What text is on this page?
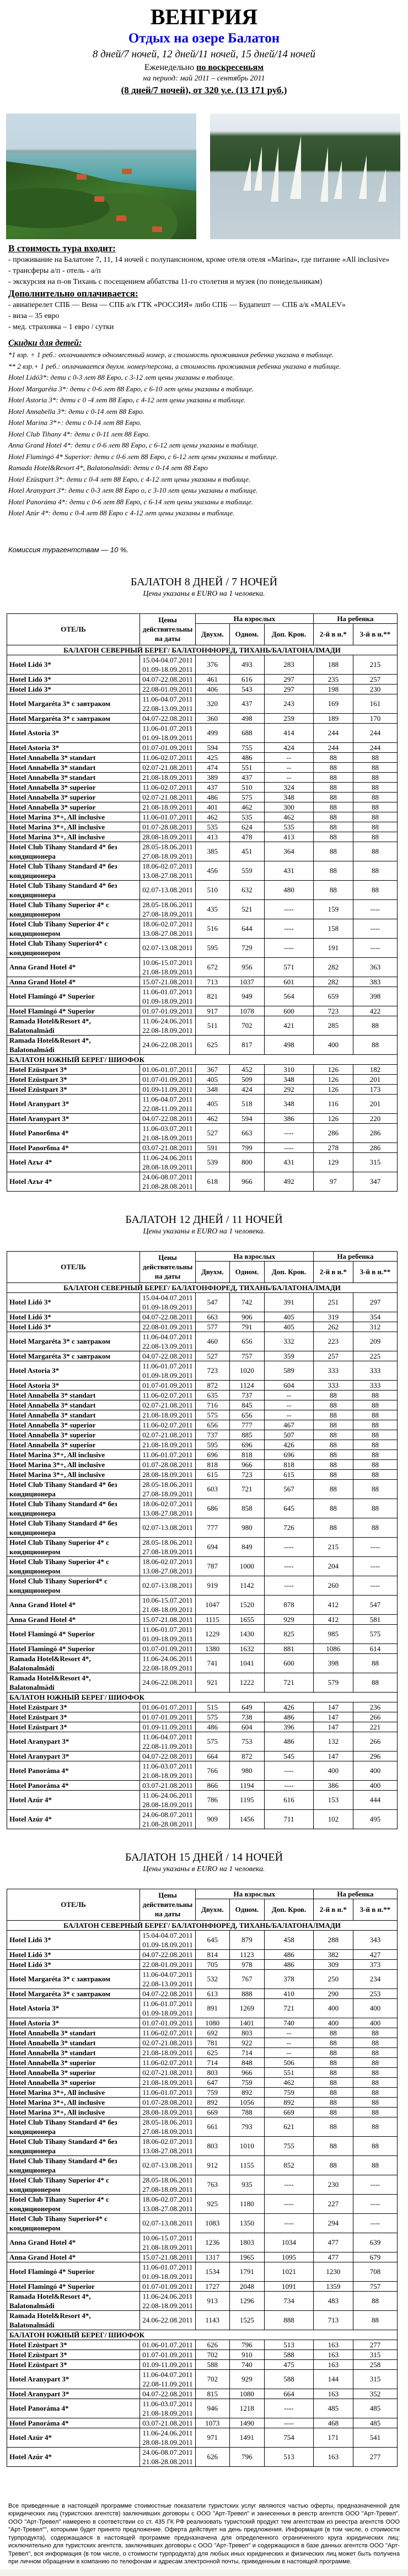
ВЕНГРИЯ
Отдых на озере Балатон
8 дней/7 ночей, 12 дней/11 ночей, 15 дней/14 ночей
Еженедельно по воскресеньям
на период: май 2011 – сентябрь 2011
(8 дней/7 ночей), от 320 у.е. (13 171 руб.)
В стоимость тура входит:
- проживание на Балатоне 7, 11, 14 ночей с полупансионом, кроме отеля отеля «Marina», где питание «All inclusive»
- трансферы а/п - отель - а/п
- экскурсия на п-ов Тихань с посещением аббатства 11-го столетия и музея (по понедельникам)
Дополнительно оплачивается:
- авиаперелет СПБ — Вена — СПБ а/к ГТК «РОССИЯ» либо СПБ — Будапешт — СПБ а/к «MALEV»
- виза – 35 евро
- мед. страховка – 1 евро / сутки
Скидки для детей:
*1 взр. + 1 реб.: оплачивается одноместный номер, а стоимость проживания ребенка указана в таблице.
** 2 взр.+ 1 реб.: оплачивается двухм. номер/персона, а стоимость проживания ребенка указана в таблице.
Hotel Lidó3*: дети с 0-3 лет 88 Евро, с 3-12 лет цены указаны в таблице.
Hotel Margaréta 3*: дети с 0-6 лет 88 Евро, с 6-10 лет цены указаны в таблице.
Hotel Astoria 3*: дети с 0 -4 лет 88 Евро, с 4-12 лет цены указаны в таблице.
Hotel Annabella 3*: дети с 0-14 лет 88 Евро.
Hotel Marina 3*+: дети с 0-14 лет 88 Евро.
Hotel Club Tihany 4*: дети с 0-11 лет 88 Евро.
Anna Grand Hotel 4*: дети с 0-6 лет 88 Евро, с 6-12 лет цены указаны в таблице.
Hotel Flamingó 4* Superior: дети с 0-6 лет 88 Евро, с 6-12 лет цены указаны в таблице.
Ramada Hotel&Resort 4*, Balatonalmádi: дети с 0-14 лет 88 Евро
Hotel Ezüstpart 3*: дети с 0-4 лет 88 Евро, с 4-12 лет цены указаны в таблице.
Hotel Aranypart 3*: дети с 0-3 лет 88 Евро о, с 3-10 лет цены указаны в таблице.
Hotel Panoráma 4*: дети с 0-6 лет 88 Евро, с 6-14 лет цены указаны в таблице.
Hotel Azúr 4*: дети с 0-4 лет 88 Евро с 4-12 лет цены указаны в таблице.
Комиссия турагентствам — 10 %.
БАЛАТОН 8 ДНЕЙ / 7 НОЧЕЙ
Цены указаны в EURO на 1 человека.
ОТЕЛЬ	Цены действительны на даты	На взрослых			На ребенка	
		Двухм.	Одном.	Доп. Кров.	2-й в н.*	3-й в н.**
БАЛАТОН СЕВЕРНЫЙ БЕРЕГ/ БАЛАТОНФЮРЕД, ТИХАНЬ/БАЛАТОНАЛМАДИ						
Hotel Lidó 3*	15.04-04.07.2011
01.09-18.09.2011	376	493	283	188	215
Hotel Lidó 3*	04.07-22.08.2011	461	616	297	235	257
Hotel Lidó 3*	22.08-01.09.2011	406	543	297	198	230
Hotel Margaréta 3* с завтраком	11.06-04.07.2011
22.08-13.09.2011	320	437	243	169	161
Hotel Margaréta 3* с завтраком	04.07-22.08.2011	360	498	259	189	170
Hotel Astoria 3*	11.06-01.07.2011
01.09-18.09.2011	499	688	414	244	244
Hotel Astoria 3*	01.07-01.09.2011	594	755	424	244	244
Hotel Annabella 3* standart	11.06-02.07.2011	425	486	--	88	88
Hotel Annabella 3* standart	02.07-21.08.2011	474	551	--	88	88
Hotel Annabella 3* standart	21.08-18.09.2011	389	437	--	88	88
Hotel Annabella 3* superior	11.06-02.07.2011	437	510	324	88	88
Hotel Annabella 3* superior	02.07-21.08.2011	486	575	348	88	88
Hotel Annabella 3* superior	21.08-18.09.2011	401	462	300	88	88
Hotel Marina 3*+, All inclusive	11.06-01.07.2011	462	535	462	88	88
Hotel Marina 3*+, All inclusive	01.07-28.08.2011	535	624	535	88	88
Hotel Marina 3*+, All inclusive	28.08-18.09.2011	413	478	413	88	88
Hotel Club Tihany Standard 4* без кондиционера	28.05-18.06.2011
27.08-18.09.2011	385	451	364	88	88
Hotel Club Tihany Standard 4* без кондиционера	18.06-02.07.2011
13.08-27.08.2011	456	559	431	88	88
Hotel Club Tihany Standard 4* без кондиционера	02.07-13.08.2011	510	632	480	88	88
Hotel Club Tihany Superior 4* с кондиционером	28.05-18.06.2011
27.08-18.09.2011	435	521	----	159	----
Hotel Club Tihany Superior 4* с кондиционером	18.06-02.07.2011
13.08-27.08.2011	516	644	----	158	----
Hotel Club Tihany Superior4* с кондиционером	02.07-13.08.2011	595	729	----	191	----
Anna Grand Hotel 4*	10.06-15.07.2011
21.08-18.09.2011	672	956	571	282	363
Anna Grand Hotel 4*	15.07-21.08.2011	713	1037	601	282	383
Hotel Flamingó 4* Superior	11.06-01.07.2011
01.09-18.09.2011	821	949	564	659	398
Hotel Flamingó 4* Superior	01.07-01.09.2011	917	1078	600	723	422
Ramada Hotel&Resort 4*, Balatonalmádi	11.06-24.06.2011
22.08-18.09.2011	511	702	421	285	88
Ramada Hotel&Resort 4*, Balatonalmádi	24.06-22.08.2011	625	817	498	400	88
БАЛАТОН ЮЖНЫЙ БЕРЕГ/ ШИОФОК						
Hotel Ezüstpart 3*	01.06-01.07.2011	367	452	310	126	182
Hotel Ezüstpart 3*	01.07-01.09.2011	405	509	348	126	201
Hotel Ezüstpart 3*	01.09-11.09.2011	348	424	292	126	173
Hotel Aranypart 3*	11.06-04.07.2011
22.08-11.09.2011	405	518	348	116	201
Hotel Aranypart 3*	04.07-22.08.2011	462	594	386	126	220
Hotel Panorбma 4*	11.06-03.07.2011
21.08-18.09.2011	527	663	----	286	286
Hotel Panorбma 4*	03.07-21.08.2011	591	799	----	278	286
Hotel Azъr 4*	11.06-24.06.2011
28.08-18.09.2011	539	800	431	129	315
Hotel Azъr 4*	24.06-08.07.2011
21.08-28.08.2011	618	966	492	97	347
БАЛАТОН 12 ДНЕЙ / 11 НОЧЕЙ
Цены указаны в EURO на 1 человека.
ОТЕЛЬ	Цены действительны на даты	На взрослых			На ребенка	
		Двухм.	Одном.	Доп. Кров.	2-й в н.*	3-й в н.**
БАЛАТОН СЕВЕРНЫЙ БЕРЕГ/ БАЛАТОНФЮРЕД, ТИХАНЬ/БАЛАТОНАЛМАДИ						
Hotel Lidó 3*	15.04-04.07.2011
01.09-18.09.2011	547	742	391	251	297
Hotel Lidó 3*	04.07-22.08.2011	663	906	405	319	354
Hotel Lidó 3*	22.08-01.09.2011	577	791	405	262	312
Hotel Margaréta 3* с завтраком	11.06-04.07.2011
22.08-13.09.2011	460	656	332	223	209
Hotel Margaréta 3* с завтраком	04.07-22.08.2011	527	757	359	257	225
Hotel Astoria 3*	11.06-01.07.2011
01.09-18.09.2011	723	1020	589	333	333
Hotel Astoria 3*	01.07-01.09.2011	872	1124	604	333	333
Hotel Annabella 3* standart	11.06-02.07.2011	635	737	--	88	88
Hotel Annabella 3* standart	02.07-21.08.2011	716	845	--	88	88
Hotel Annabella 3* standart	21.08-18.09.2011	575	656	--	88	88
Hotel Annabella 3* superior	11.06-02.07.2011	656	777	467	88	88
Hotel Annabella 3* superior	02.07-21.08.2011	737	885	507	88	88
Hotel Annabella 3* superior	21.08-18.09.2011	595	696	426	88	88
Hotel Marina 3*+, All inclusive	11.06-01.07.2011	696	818	696	88	88
Hotel Marina 3*+, All inclusive	01.07-28.08.2011	818	966	818	88	88
Hotel Marina 3*+, All inclusive	28.08-18.09.2011	615	723	615	88	88
Hotel Club Tihany Standard 4* без кондиционера	28.05-18.06.2011
27.08-18.09.2011	603	721	567	88	88
Hotel Club Tihany Standard 4* без кондиционера	18.06-02.07.2011
13.08-27.08.2011	686	858	645	88	88
Hotel Club Tihany Standard 4* без кондиционера	02.07-13.08.2011	777	980	726	88	88
Hotel Club Tihany Superior 4* с кондиционером	28.05-18.06.2011
27.08-18.09.2011	694	849	----	215	----
Hotel Club Tihany Superior 4* с кондиционером	18.06-02.07.2011
13.08-27.08.2011	787	1000	----	204	----
Hotel Club Tihany Superior4* с кондиционером	02.07-13.08.2011	919	1142	----	260	----
Anna Grand Hotel 4*	10.06-15.07.2011
21.08-18.09.2011	1047	1520	878	412	547
Anna Grand Hotel 4*	15.07-21.08.2011	1115	1655	929	412	581
Hotel Flamingó 4* Superior	11.06-01.07.2011
01.09-18.09.2011	1229	1430	825	985	575
Hotel Flamingó 4* Superior	01.07-01.09.2011	1380	1632	881	1086	614
Ramada Hotel&Resort 4*, Balatonalmádi	11.06-24.06.2011
22.08-18.09.2011	741	1041	600	398	88
Ramada Hotel&Resort 4*, Balatonalmádi	24.06-22.08.2011	921	1222	721	579	88
БАЛАТОН ЮЖНЫЙ БЕРЕГ/ ШИОФОК						
Hotel Ezüstpart 3*	01.06-01.07.2011	515	649	426	147	236
Hotel Ezüstpart 3*	01.07-01.09.2011	575	738	486	147	266
Hotel Ezüstpart 3*	01.09-11.09.2011	486	604	396	147	221
Hotel Aranypart 3*	11.06-04.07.2011
22.08-11.09.2011	575	753	486	132	266
Hotel Aranypart 3*	04.07-22.08.2011	664	872	545	147	296
Hotel Panoráma 4*	11.06-03.07.2011
21.08-18.09.2011	766	980	----	400	400
Hotel Panoráma 4*	03.07-21.08.2011	866	1194	----	386	400
Hotel Azúr 4*	11.06-24.06.2011
28.08-18.09.2011	786	1195	616	153	444
Hotel Azúr 4*	24.06-08.07.2011
21.08-28.08.2011	909	1456	711	102	495
БАЛАТОН 15 ДНЕЙ / 14 НОЧЕЙ
Цены указаны в EURO на 1 человека.
ОТЕЛЬ	Цены действительны на даты	На взрослых			На ребенка	
		Двухм.	Одном.	Доп. Кров.	2-й в н.*	3-й в н.**
БАЛАТОН СЕВЕРНЫЙ БЕРЕГ/ БАЛАТОНФЮРЕД, ТИХАНЬ/БАЛАТОНАЛМАДИ						
Hotel Lidó 3*	15.04-04.07.2011
01.09-18.09.2011	645	879	458	288	343
Hotel Lidó 3*	04.07-22.08.2011	814	1123	486	382	427
Hotel Lidó 3*	22.08-01.09.2011	705	978	486	309	373
Hotel Margaréta 3* с завтраком	11.06-04.07.2011
22.08-13.09.2011	532	767	378	250	234
Hotel Margaréta 3* с завтраком	04.07-22.08.2011	613	888	410	290	253
Hotel Astoria 3*	11.06-01.07.2011
01.09-18.09.2011	891	1269	721	400	400
Hotel Astoria 3*	01.07-01.09.2011	1080	1401	740	400	400
Hotel Annabella 3* standart	11.06-02.07.2011	692	803	--	88	88
Hotel Annabella 3* standart	02.07-21.08.2011	781	922	--	88	88
Hotel Annabella 3* standart	21.08-18.09.2011	625	714	--	88	88
Hotel Annabella 3* superior	11.06-02.07.2011	714	848	506	88	88
Hotel Annabella 3* superior	02.07-21.08.2011	803	966	551	88	88
Hotel Annabella 3* superior	21.08-18.09.2011	647	759	462	88	88
Hotel Marina 3*+, All inclusive	11.06-01.07.2011	759	892	759	88	88
Hotel Marina 3*+, All inclusive	01.07-28.08.2011	892	1056	892	88	88
Hotel Marina 3*+, All inclusive	28.08-18.09.2011	669	788	669	88	88
Hotel Club Tihany Standard 4* без кондиционера	28.05-18.06.2011
27.08-18.09.2011	661	793	621	88	88
Hotel Club Tihany Standard 4* без кондиционера	18.06-02.07.2011
13.08-27.08.2011	803	1010	755	88	88
Hotel Club Tihany Standard 4* без кондиционера	02.07-13.08.2011	912	1155	852	88	88
Hotel Club Tihany Superior 4* с кондиционером	28.05-18.06.2011
27.08-18.09.2011	763	935	----	230	----
Hotel Club Tihany Superior 4* с кондиционером	18.06-02.07.2011
13.08-27.08.2011	925	1180	----	227	----
Hotel Club Tihany Superior4* с кондиционером	02.07-13.08.2011	1083	1350	----	294	----
Anna Grand Hotel 4*	10.06-15.07.2011
21.08-18.09.2011	1236	1803	1034	477	639
Anna Grand Hotel 4*	15.07-21.08.2011	1317	1965	1095	477	679
Hotel Flamingó 4* Superior	11.06-01.07.2011
01.09-18.09.2011	1534	1791	1021	1230	708
Hotel Flamingó 4* Superior	01.07-01.09.2011	1727	2048	1091	1359	757
Ramada Hotel&Resort 4*, Balatonalmádi	11.06-24.06.2011
22.08-18.09.2011	913	1296	734	483	88
Ramada Hotel&Resort 4*, Balatonalmádi	24.06-22.08.2011	1143	1525	888	713	88
БАЛАТОН ЮЖНЫЙ БЕРЕГ/ ШИОФОК						
Hotel Ezüstpart 3*	01.06-01.07.2011	626	796	513	163	277
Hotel Ezüstpart 3*	01.07-01.09.2011	702	910	588	163	315
Hotel Ezüstpart 3*	01.09-11.09.2011	588	740	475	163	258
Hotel Aranypart 3*	11.06-04.07.2011
22.08-11.09.2011	702	929	588	144	315
Hotel Aranypart 3*	04.07-22.08.2011	815	1080	664	163	352
Hotel Panoráma 4*	11.06-03.07.2011
21.08-18.09.2011	946	1218	----	485	485
Hotel Panoráma 4*	03.07-21.08.2011	1073	1490	----	468	485
Hotel Azúr 4*	11.06-24.06.2011
28.08-18.09.2011	971	1491	754	171	541
Hotel Azúr 4*	24.06-08.07.2011
21.08-28.08.2011	626	796	513	163	277
Все приведенные в настоящей программе стоимостные показатели туристских услуг являются частью оферты, предназначенной для юридических лиц (туристских агентств) заключивших договоры с ООО "Арт-Тревел" и занесенных в реестр агентств ООО "Арт-Тревел". ООО "Арт-Тревел" намерено в соответствии со ст. 435 ГК РФ реализовать туристский продукт тем агентствам из реестра агентств ООО "Арт-Тревел"", которыми будет принято предложение. Оферта действует на день предложения. Информация (в том числе, о стоимости турпродукта), содержащаяся в настоящей программе предназначена для определенного ограниченного круга юридических лиц: исключительно для туристских агентств, заключивших договоры с ООО "Арт-Тревел" и содержащихся в базе данных агентств ООО "Арт-Тревел", вся информация (в том числе, о стоимости турпродукта) для любых иных юридических и физических лиц может быть получена при личном обращении в компанию по телефонам и адресам электронной почты, приведенным в настоящей программе.
